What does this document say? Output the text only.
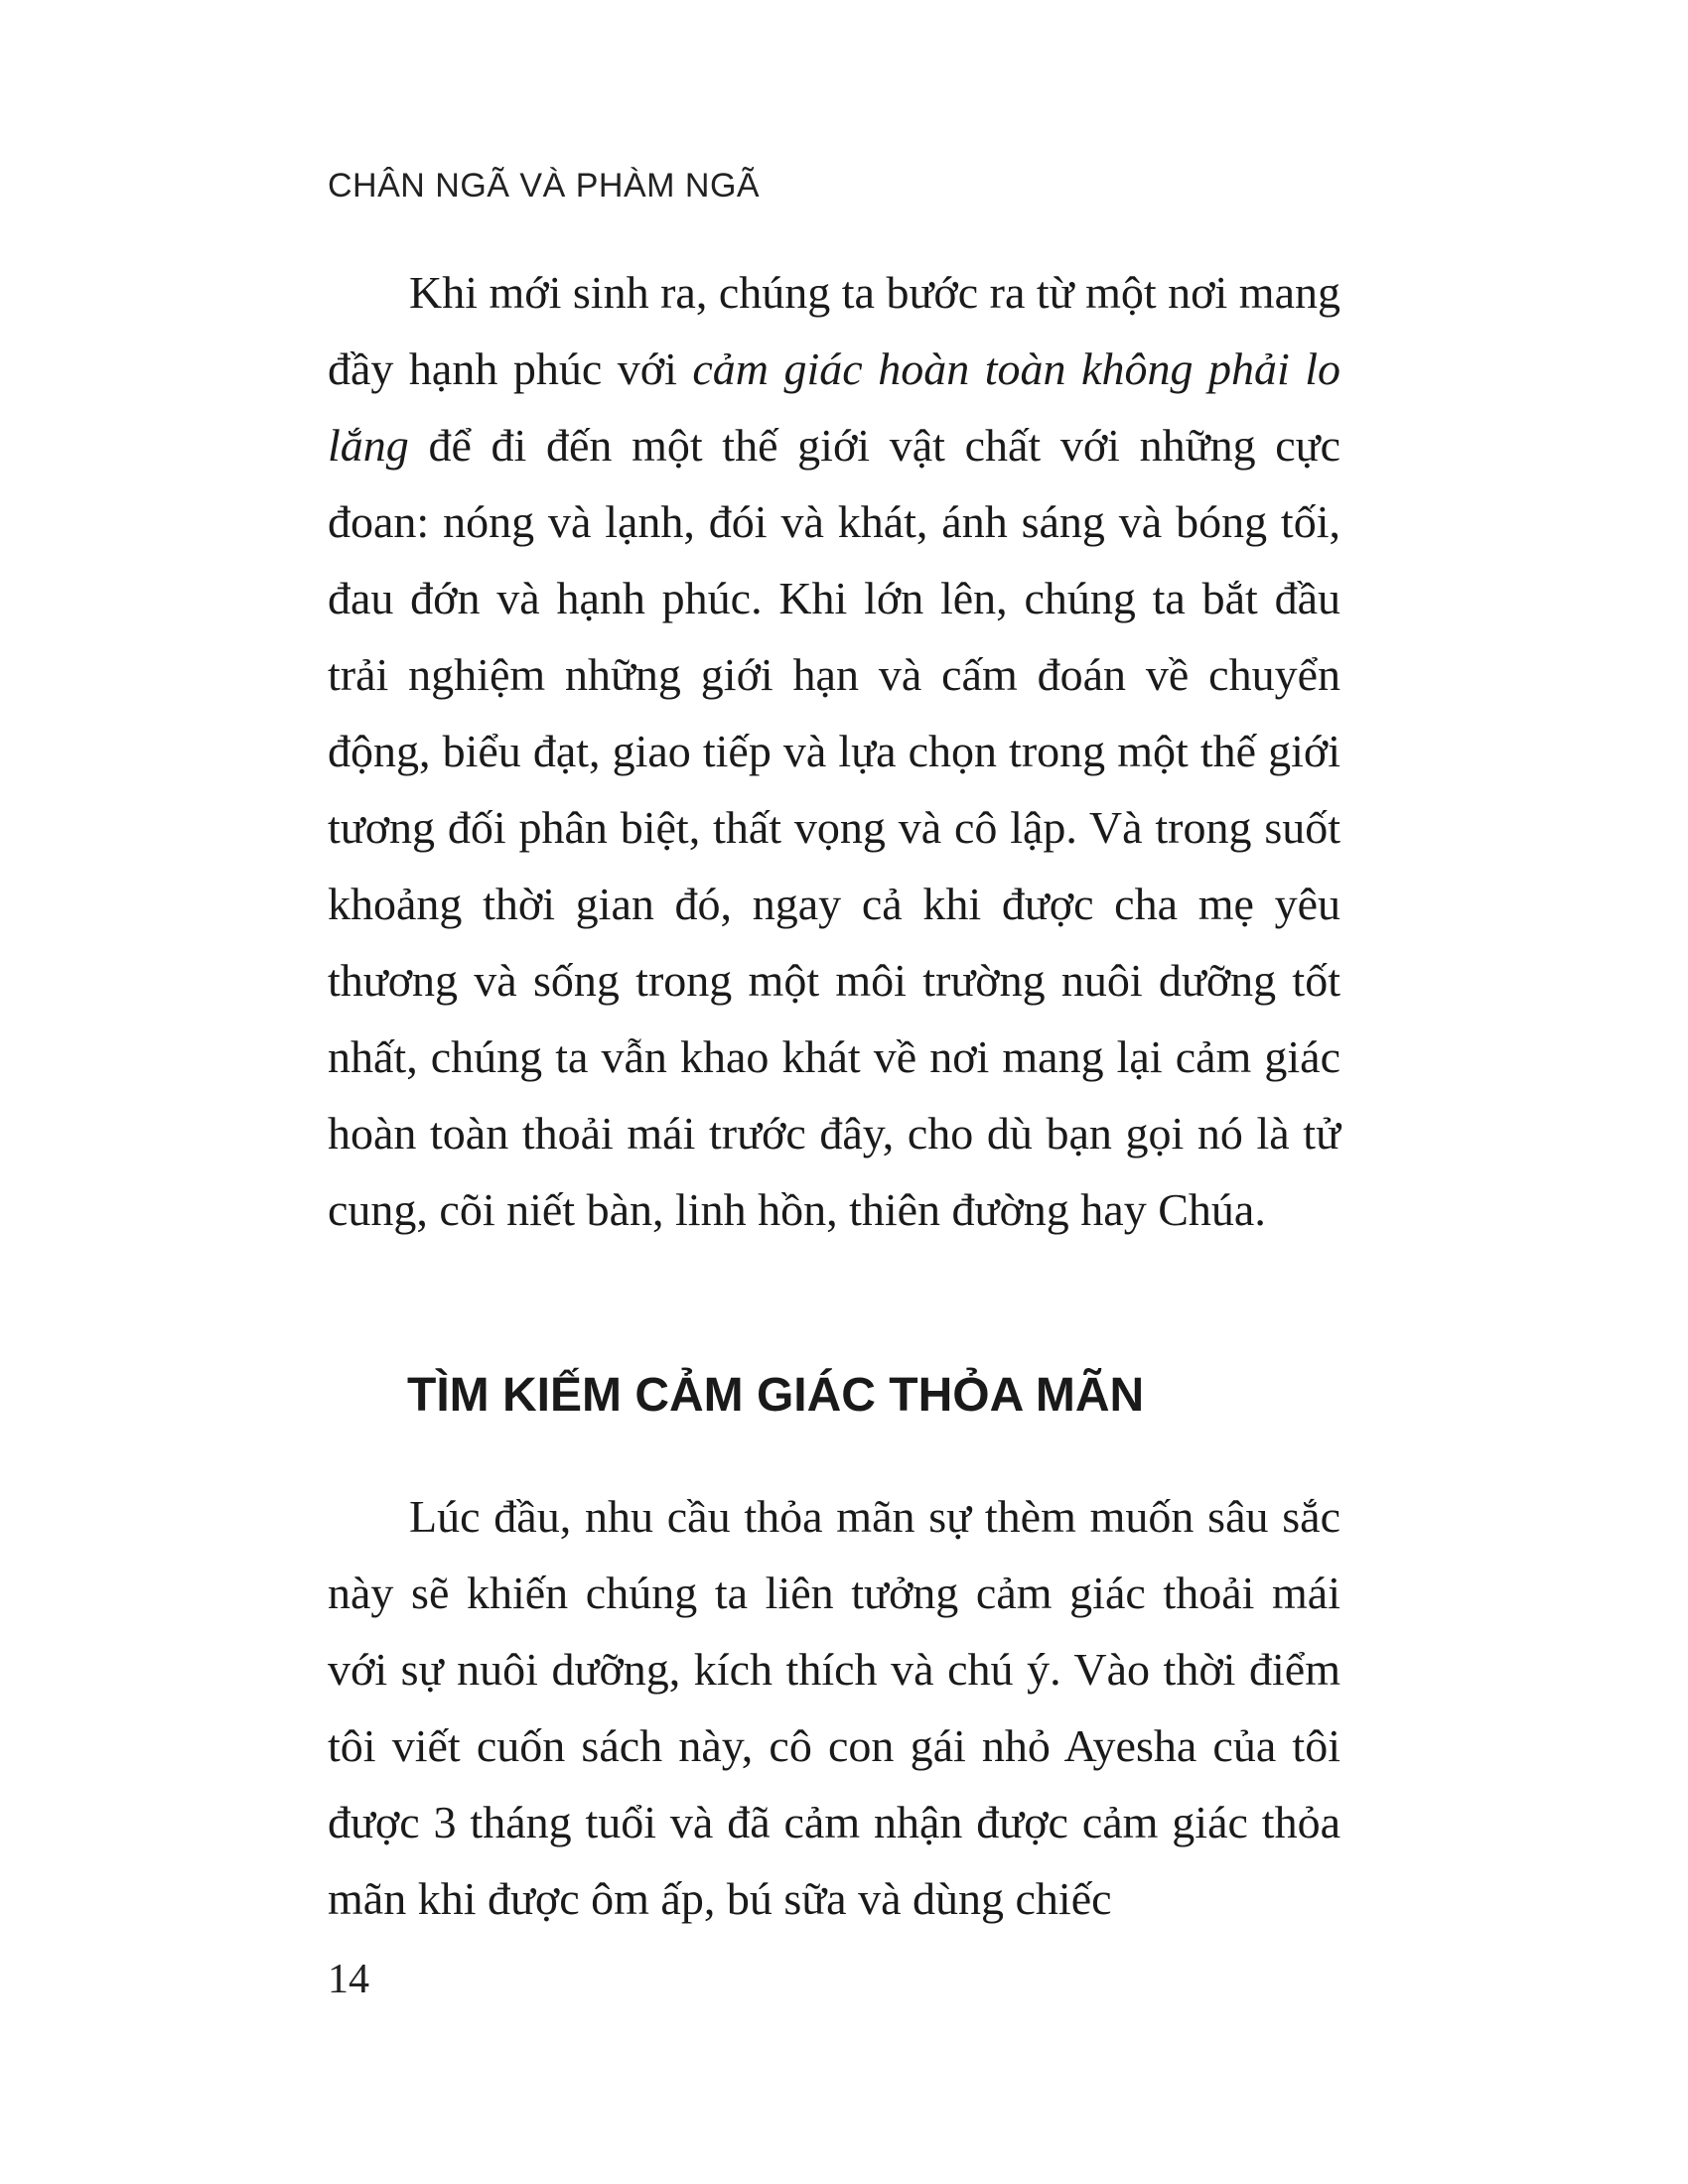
CHÂN NGÃ VÀ PHÀM NGÃ

Khi mới sinh ra, chúng ta bước ra từ một nơi mang đầy hạnh phúc với cảm giác hoàn toàn không phải lo lắng để đi đến một thế giới vật chất với những cực đoan: nóng và lạnh, đói và khát, ánh sáng và bóng tối, đau đớn và hạnh phúc. Khi lớn lên, chúng ta bắt đầu trải nghiệm những giới hạn và cấm đoán về chuyển động, biểu đạt, giao tiếp và lựa chọn trong một thế giới tương đối phân biệt, thất vọng và cô lập. Và trong suốt khoảng thời gian đó, ngay cả khi được cha mẹ yêu thương và sống trong một môi trường nuôi dưỡng tốt nhất, chúng ta vẫn khao khát về nơi mang lại cảm giác hoàn toàn thoải mái trước đây, cho dù bạn gọi nó là tử cung, cõi niết bàn, linh hồn, thiên đường hay Chúa.

TÌM KIẾM CẢM GIÁC THỎA MÃN

Lúc đầu, nhu cầu thỏa mãn sự thèm muốn sâu sắc này sẽ khiến chúng ta liên tưởng cảm giác thoải mái với sự nuôi dưỡng, kích thích và chú ý. Vào thời điểm tôi viết cuốn sách này, cô con gái nhỏ Ayesha của tôi được 3 tháng tuổi và đã cảm nhận được cảm giác thỏa mãn khi được ôm ấp, bú sữa và dùng chiếc

14
